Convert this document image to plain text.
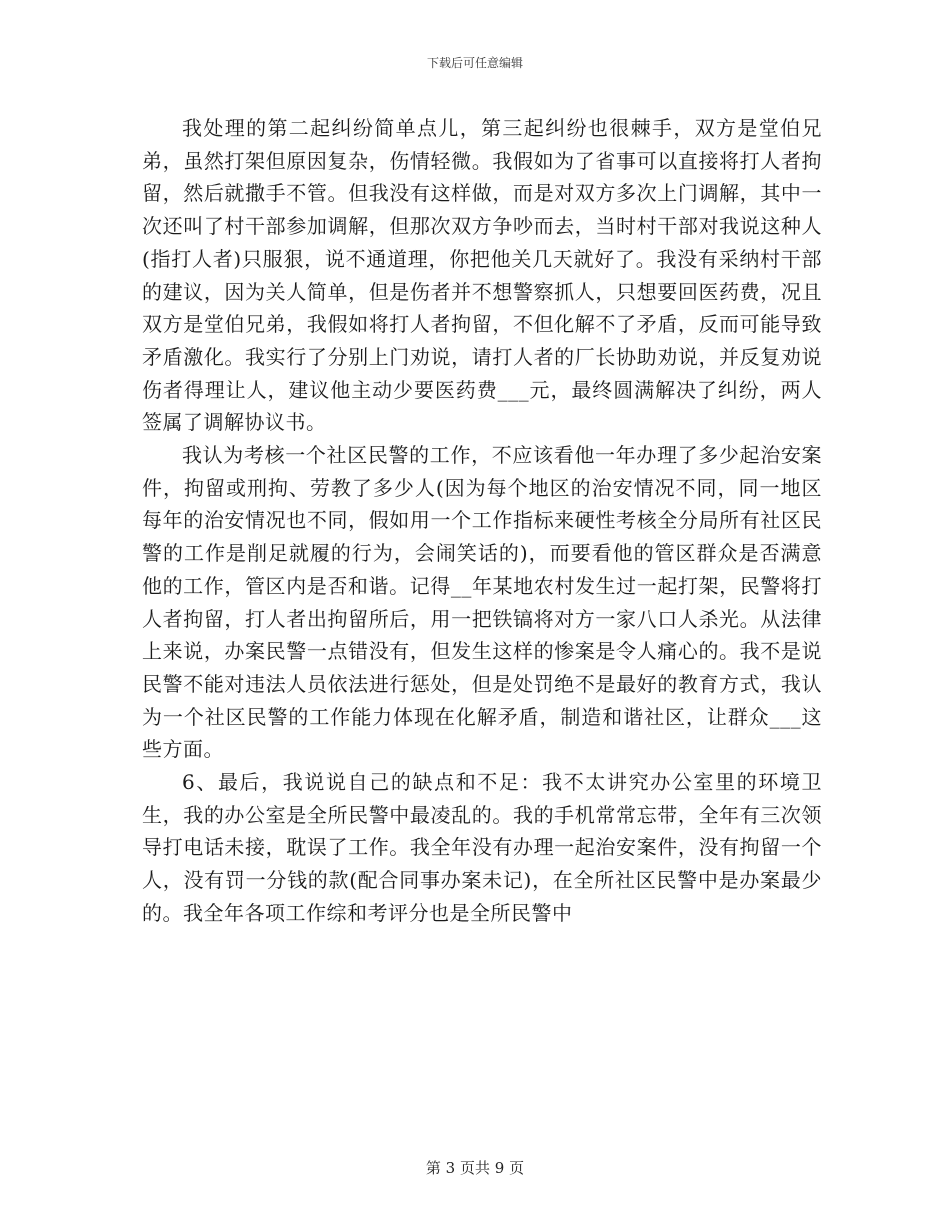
下载后可任意编辑

我处理的第二起纠纷简单点儿，第三起纠纷也很棘手，双方是堂伯兄弟，虽然打架但原因复杂，伤情轻微。我假如为了省事可以直接将打人者拘留，然后就撒手不管。但我没有这样做，而是对双方多次上门调解，其中一次还叫了村干部参加调解，但那次双方争吵而去，当时村干部对我说这种人(指打人者)只服狠，说不通道理，你把他关几天就好了。我没有采纳村干部的建议，因为关人简单，但是伤者并不想警察抓人，只想要回医药费，况且双方是堂伯兄弟，我假如将打人者拘留，不但化解不了矛盾，反而可能导致矛盾激化。我实行了分别上门劝说，请打人者的厂长协助劝说，并反复劝说伤者得理让人，建议他主动少要医药费___元，最终圆满解决了纠纷，两人签属了调解协议书。

我认为考核一个社区民警的工作，不应该看他一年办理了多少起治安案件，拘留或刑拘、劳教了多少人(因为每个地区的治安情况不同，同一地区每年的治安情况也不同，假如用一个工作指标来硬性考核全分局所有社区民警的工作是削足就履的行为，会闹笑话的)，而要看他的管区群众是否满意他的工作，管区内是否和谐。记得__年某地农村发生过一起打架，民警将打人者拘留，打人者出拘留所后，用一把铁镐将对方一家八口人杀光。从法律上来说，办案民警一点错没有，但发生这样的惨案是令人痛心的。我不是说民警不能对违法人员依法进行惩处，但是处罚绝不是最好的教育方式，我认为一个社区民警的工作能力体现在化解矛盾，制造和谐社区，让群众___这些方面。

6、最后，我说说自己的缺点和不足：我不太讲究办公室里的环境卫生，我的办公室是全所民警中最凌乱的。我的手机常常忘带，全年有三次领导打电话未接，耽误了工作。我全年没有办理一起治安案件，没有拘留一个人，没有罚一分钱的款(配合同事办案未记)，在全所社区民警中是办案最少的。我全年各项工作综和考评分也是全所民警中

第 3 页共 9 页
